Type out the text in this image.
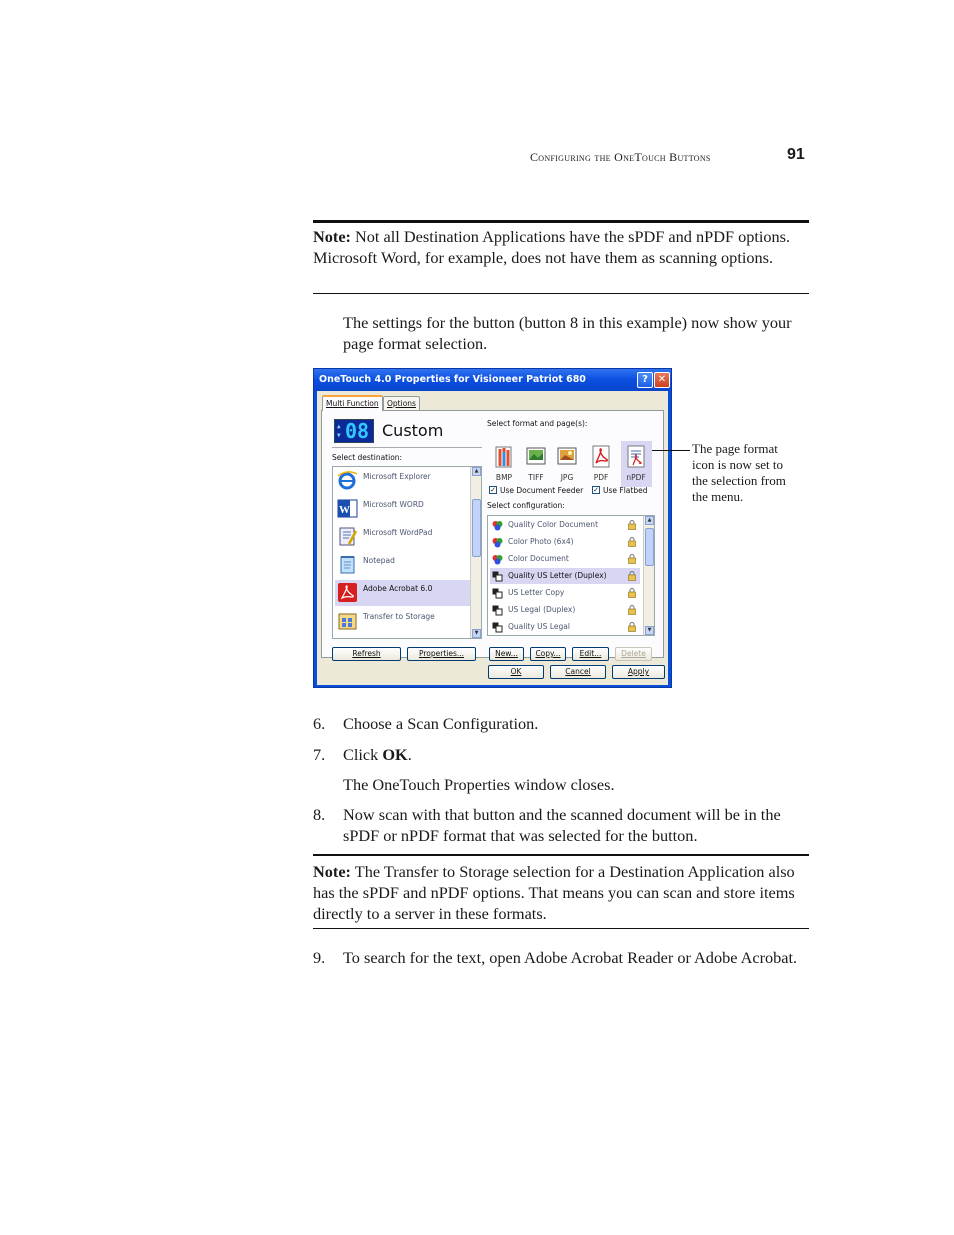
Configuring the OneTouch Buttons	91
Note: Not all Destination Applications have the sPDF and nPDF options. Microsoft Word, for example, does not have them as scanning options.
The settings for the button (button 8 in this example) now show your page format selection.
OneTouch 4.0 Properties for Visioneer Patriot 680	? ✕
Multi Function	Options
▲
▼ 08 Custom
Select destination:
Microsoft Explorer
W Microsoft WORD
Microsoft WordPad
Notepad
Adobe Acrobat 6.0
Transfer to Storage
▲
▼
Refresh	Properties...
Select format and page(s):
BMP	TIFF	JPG	PDF	nPDF
✓ Use Document Feeder ✓ Use Flatbed
Select configuration:
Quality Color Document
Color Photo (6x4)
Color Document
Quality US Letter (Duplex)
US Letter Copy
US Legal (Duplex)
Quality US Legal
▲
▼
New...	Copy...	Edit...	Delete
OK	Cancel	Apply
The page format icon is now set to the selection from the menu.
6. Choose a Scan Configuration.
7. Click OK.
The OneTouch Properties window closes.
8. Now scan with that button and the scanned document will be in the sPDF or nPDF format that was selected for the button.
Note: The Transfer to Storage selection for a Destination Application also has the sPDF and nPDF options. That means you can scan and store items directly to a server in these formats.
9. To search for the text, open Adobe Acrobat Reader or Adobe Acrobat.
